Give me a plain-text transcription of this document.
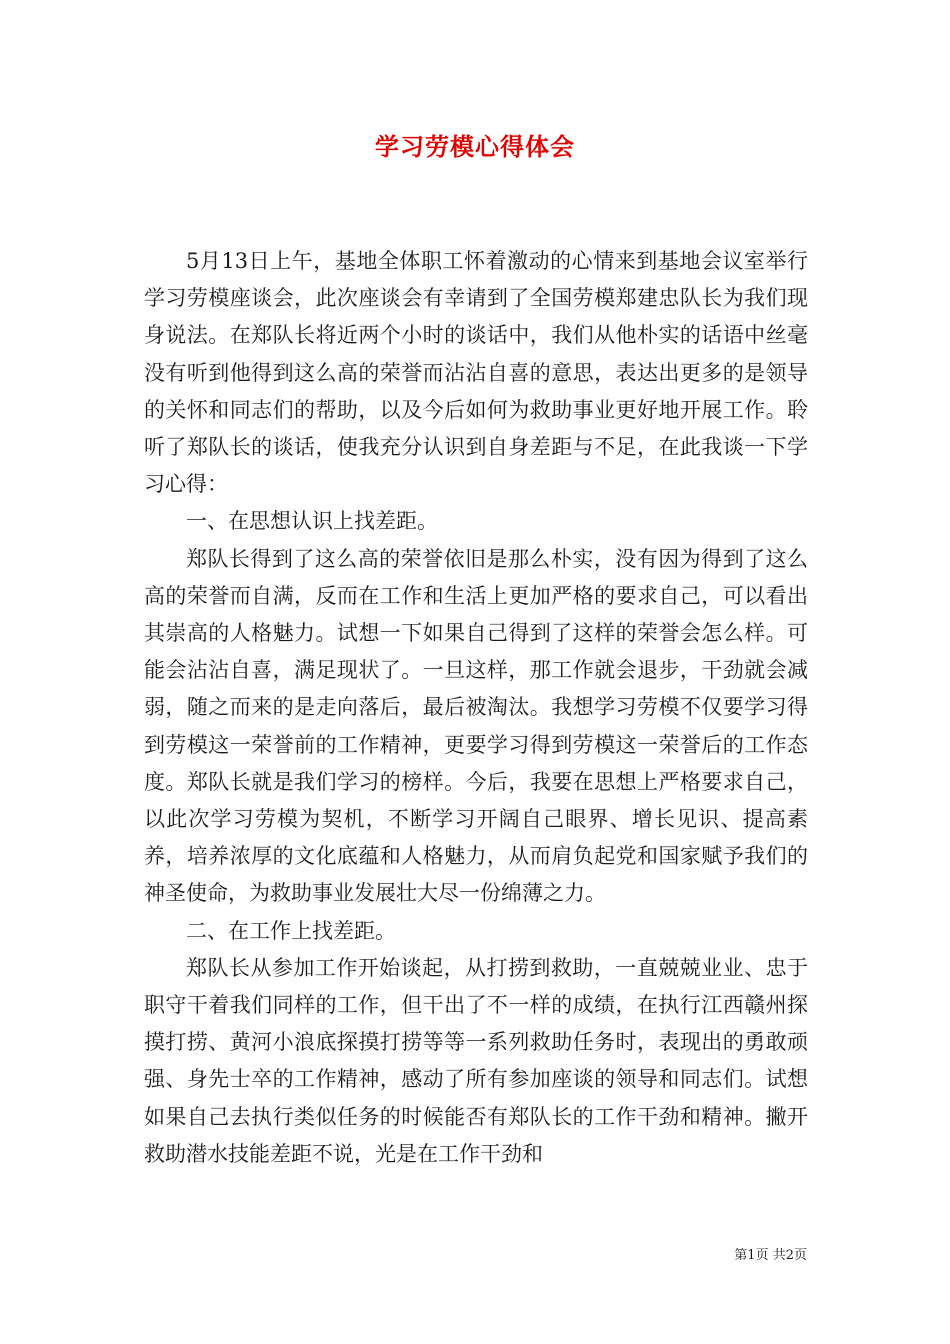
学习劳模心得体会

5月13日上午，基地全体职工怀着激动的心情来到基地会议室举行学习劳模座谈会，此次座谈会有幸请到了全国劳模郑建忠队长为我们现身说法。在郑队长将近两个小时的谈话中，我们从他朴实的话语中丝毫没有听到他得到这么高的荣誉而沾沾自喜的意思，表达出更多的是领导的关怀和同志们的帮助，以及今后如何为救助事业更好地开展工作。聆听了郑队长的谈话，使我充分认识到自身差距与不足，在此我谈一下学习心得：

一、在思想认识上找差距。

郑队长得到了这么高的荣誉依旧是那么朴实，没有因为得到了这么高的荣誉而自满，反而在工作和生活上更加严格的要求自己，可以看出其崇高的人格魅力。试想一下如果自己得到了这样的荣誉会怎么样。可能会沾沾自喜，满足现状了。一旦这样，那工作就会退步，干劲就会减弱，随之而来的是走向落后，最后被淘汰。我想学习劳模不仅要学习得到劳模这一荣誉前的工作精神，更要学习得到劳模这一荣誉后的工作态度。郑队长就是我们学习的榜样。今后，我要在思想上严格要求自己，以此次学习劳模为契机，不断学习开阔自己眼界、增长见识、提高素养，培养浓厚的文化底蕴和人格魅力，从而肩负起党和国家赋予我们的神圣使命，为救助事业发展壮大尽一份绵薄之力。

二、在工作上找差距。

郑队长从参加工作开始谈起，从打捞到救助，一直兢兢业业、忠于职守干着我们同样的工作，但干出了不一样的成绩，在执行江西赣州探摸打捞、黄河小浪底探摸打捞等等一系列救助任务时，表现出的勇敢顽强、身先士卒的工作精神，感动了所有参加座谈的领导和同志们。试想如果自己去执行类似任务的时候能否有郑队长的工作干劲和精神。撇开救助潜水技能差距不说，光是在工作干劲和

第1页 共2页
